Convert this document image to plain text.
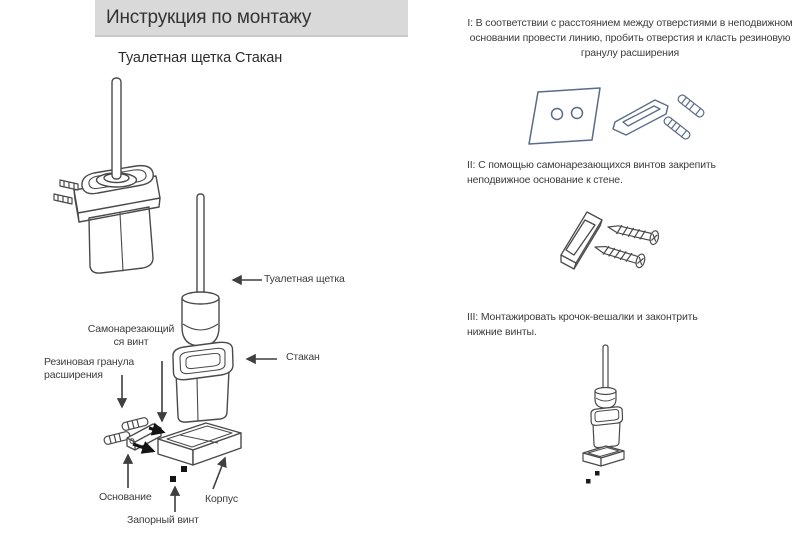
Инструкция по монтажу
Туалетная щетка Стакан
Туалетная щетка
Стакан
Самонарезающийся винт
Резиновая гранула расширения
Основание	Корпус
Запорный винт
I: В соответствии с расстоянием между отверстиями в неподвижном основании провести линию, пробить отверстия и класть резиновую гранулу расширения
II: С помощью самонарезающихся винтов закрепить неподвижное основание к стене.
III: Монтажировать крочок-вешалки и законтрить нижние винты.
